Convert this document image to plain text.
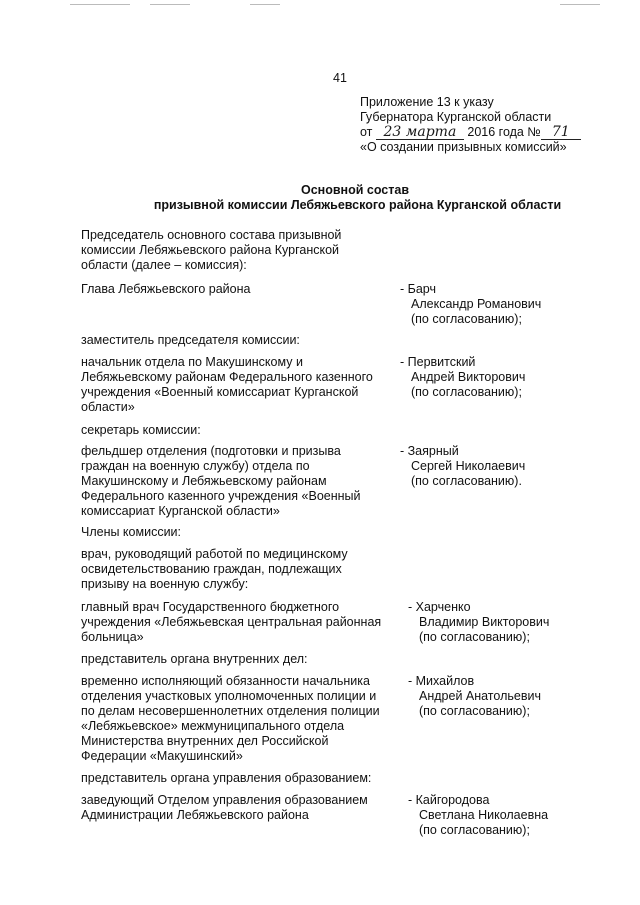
41
Приложение 13 к указу
Губернатора Курганской области
от 23 марта 2016 года № 71
«О создании призывных комиссий»
Основной состав
призывной комиссии Лебяжьевского района Курганской области
Председатель основного состава призывной
комиссии Лебяжьевского района Курганской
области (далее – комиссия):
Глава Лебяжьевского района	- Барч
Александр Романович
(по согласованию);
заместитель председателя комиссии:
начальник отдела по Макушинскому и
Лебяжьевскому районам Федерального казенного
учреждения «Военный комиссариат Курганской
области»
- Первитский
Андрей Викторович
(по согласованию);
секретарь комиссии:
фельдшер отделения (подготовки и призыва
граждан на военную службу) отдела по
Макушинскому и Лебяжьевскому районам
Федерального казенного учреждения «Военный
комиссариат Курганской области»
- Заярный
Сергей Николаевич
(по согласованию).
Члены комиссии:
врач, руководящий работой по медицинскому
освидетельствованию граждан, подлежащих
призыву на военную службу:
главный врач Государственного бюджетного
учреждения «Лебяжьевская центральная районная
больница»
- Харченко
Владимир Викторович
(по согласованию);
представитель органа внутренних дел:
временно исполняющий обязанности начальника
отделения участковых уполномоченных полиции и
по делам несовершеннолетних отделения полиции
«Лебяжьевское» межмуниципального отдела
Министерства внутренних дел Российской
Федерации «Макушинский»
- Михайлов
Андрей Анатольевич
(по согласованию);
представитель органа управления образованием:
заведующий Отделом управления образованием
Администрации Лебяжьевского района
- Кайгородова
Светлана Николаевна
(по согласованию);
